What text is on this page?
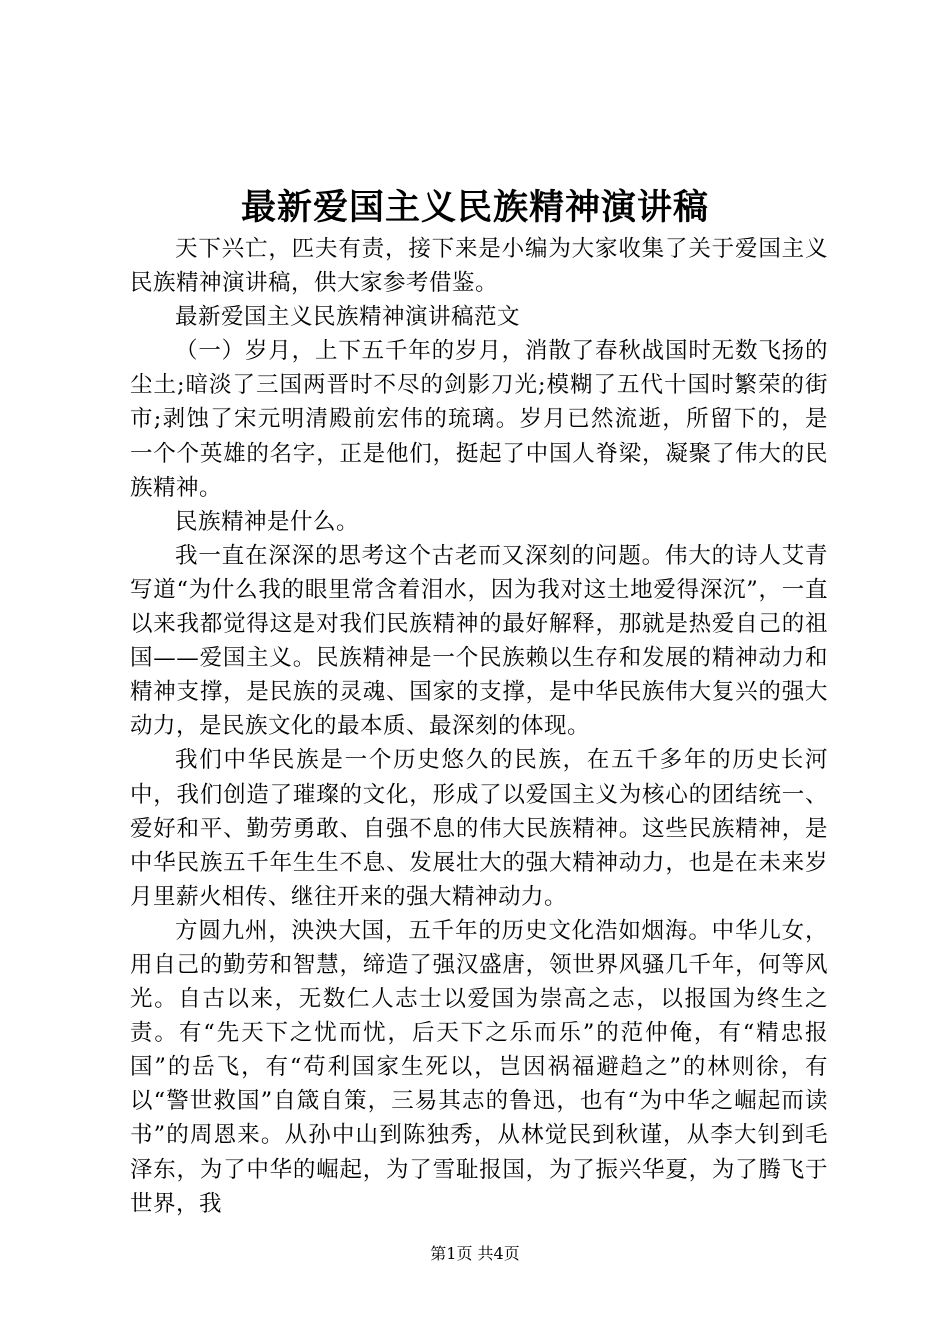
最新爱国主义民族精神演讲稿

天下兴亡，匹夫有责，接下来是小编为大家收集了关于爱国主义民族精神演讲稿，供大家参考借鉴。

最新爱国主义民族精神演讲稿范文

（一）岁月，上下五千年的岁月，消散了春秋战国时无数飞扬的尘土;暗淡了三国两晋时不尽的剑影刀光;模糊了五代十国时繁荣的街市;剥蚀了宋元明清殿前宏伟的琉璃。岁月已然流逝，所留下的，是一个个英雄的名字，正是他们，挺起了中国人脊梁，凝聚了伟大的民族精神。

民族精神是什么。

我一直在深深的思考这个古老而又深刻的问题。伟大的诗人艾青写道“为什么我的眼里常含着泪水，因为我对这土地爱得深沉”，一直以来我都觉得这是对我们民族精神的最好解释，那就是热爱自己的祖国——爱国主义。民族精神是一个民族赖以生存和发展的精神动力和精神支撑，是民族的灵魂、国家的支撑，是中华民族伟大复兴的强大动力，是民族文化的最本质、最深刻的体现。

我们中华民族是一个历史悠久的民族，在五千多年的历史长河中，我们创造了璀璨的文化，形成了以爱国主义为核心的团结统一、爱好和平、勤劳勇敢、自强不息的伟大民族精神。这些民族精神，是中华民族五千年生生不息、发展壮大的强大精神动力，也是在未来岁月里薪火相传、继往开来的强大精神动力。

方圆九州，泱泱大国，五千年的历史文化浩如烟海。中华儿女，用自己的勤劳和智慧，缔造了强汉盛唐，领世界风骚几千年，何等风光。自古以来，无数仁人志士以爱国为崇高之志，以报国为终生之责。有“先天下之忧而忧，后天下之乐而乐”的范仲俺，有“精忠报国”的岳飞，有“苟利国家生死以，岂因祸福避趋之”的林则徐，有以“警世救国”自箴自策，三易其志的鲁迅，也有“为中华之崛起而读书”的周恩来。从孙中山到陈独秀，从林觉民到秋谨，从李大钊到毛泽东，为了中华的崛起，为了雪耻报国，为了振兴华夏，为了腾飞于世界，我

第1页 共4页
